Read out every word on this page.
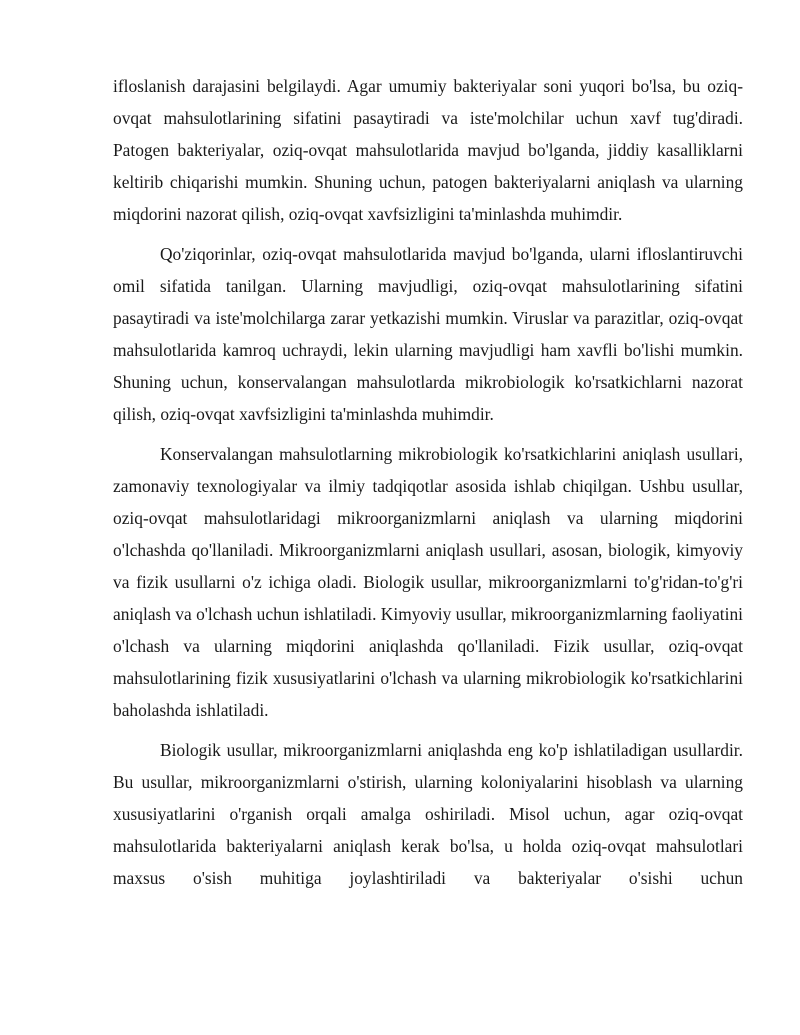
ifloslanish darajasini belgilaydi. Agar umumiy bakteriyalar soni yuqori bo'lsa, bu oziq-ovqat mahsulotlarining sifatini pasaytiradi va iste'molchilar uchun xavf tug'diradi. Patogen bakteriyalar, oziq-ovqat mahsulotlarida mavjud bo'lganda, jiddiy kasalliklarni keltirib chiqarishi mumkin. Shuning uchun, patogen bakteriyalarni aniqlash va ularning miqdorini nazorat qilish, oziq-ovqat xavfsizligini ta'minlashda muhimdir.

Qo'ziqorinlar, oziq-ovqat mahsulotlarida mavjud bo'lganda, ularni ifloslantiruvchi omil sifatida tanilgan. Ularning mavjudligi, oziq-ovqat mahsulotlarining sifatini pasaytiradi va iste'molchilarga zarar yetkazishi mumkin. Viruslar va parazitlar, oziq-ovqat mahsulotlarida kamroq uchraydi, lekin ularning mavjudligi ham xavfli bo'lishi mumkin. Shuning uchun, konservalangan mahsulotlarda mikrobiologik ko'rsatkichlarni nazorat qilish, oziq-ovqat xavfsizligini ta'minlashda muhimdir.

Konservalangan mahsulotlarning mikrobiologik ko'rsatkichlarini aniqlash usullari, zamonaviy texnologiyalar va ilmiy tadqiqotlar asosida ishlab chiqilgan. Ushbu usullar, oziq-ovqat mahsulotlaridagi mikroorganizmlarni aniqlash va ularning miqdorini o'lchashda qo'llaniladi. Mikroorganizmlarni aniqlash usullari, asosan, biologik, kimyoviy va fizik usullarni o'z ichiga oladi. Biologik usullar, mikroorganizmlarni to'g'ridan-to'g'ri aniqlash va o'lchash uchun ishlatiladi. Kimyoviy usullar, mikroorganizmlarning faoliyatini o'lchash va ularning miqdorini aniqlashda qo'llaniladi. Fizik usullar, oziq-ovqat mahsulotlarining fizik xususiyatlarini o'lchash va ularning mikrobiologik ko'rsatkichlarini baholashda ishlatiladi.

Biologik usullar, mikroorganizmlarni aniqlashda eng ko'p ishlatiladigan usullardir. Bu usullar, mikroorganizmlarni o'stirish, ularning koloniyalarini hisoblash va ularning xususiyatlarini o'rganish orqali amalga oshiriladi. Misol uchun, agar oziq-ovqat mahsulotlarida bakteriyalarni aniqlash kerak bo'lsa, u holda oziq-ovqat mahsulotlari maxsus o'sish muhitiga joylashtiriladi va bakteriyalar o'sishi uchun
